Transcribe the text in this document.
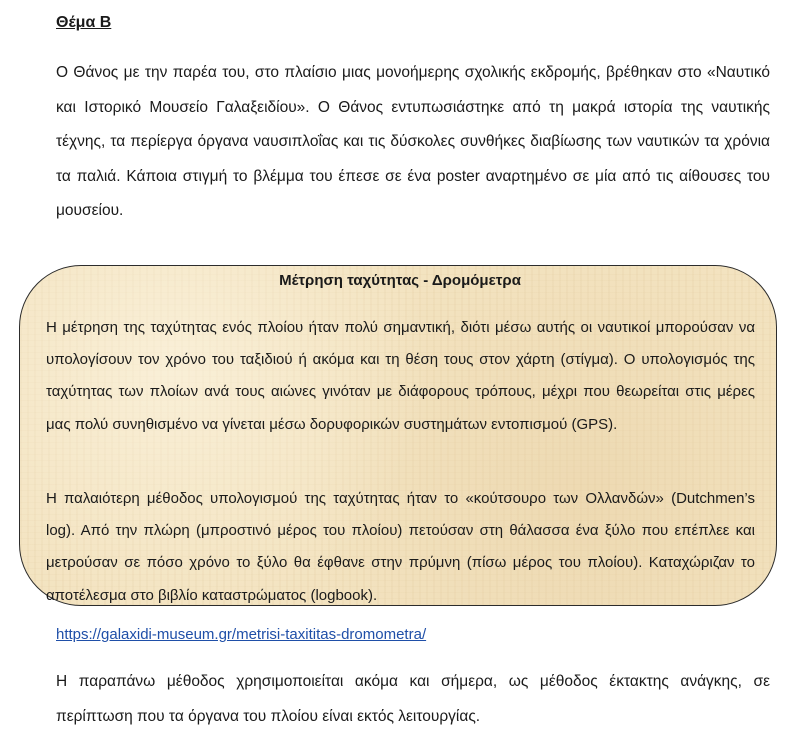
Θέμα Β

Ο Θάνος με την παρέα του, στο πλαίσιο μιας μονοήμερης σχολικής εκδρομής, βρέθηκαν στο «Ναυτικό και Ιστορικό Μουσείο Γαλαξειδίου». Ο Θάνος εντυπωσιάστηκε από τη μακρά ιστορία της ναυτικής τέχνης, τα περίεργα όργανα ναυσιπλοΐας και τις δύσκολες συνθήκες διαβίωσης των ναυτικών τα χρόνια τα παλιά. Κάποια στιγμή το βλέμμα του έπεσε σε ένα poster αναρτημένο σε μία από τις αίθουσες του μουσείου.

Μέτρηση ταχύτητας - Δρομόμετρα

Η μέτρηση της ταχύτητας ενός πλοίου ήταν πολύ σημαντική, διότι μέσω αυτής οι ναυτικοί μπορούσαν να υπολογίσουν τον χρόνο του ταξιδιού ή ακόμα και τη θέση τους στον χάρτη (στίγμα). Ο υπολογισμός της ταχύτητας των πλοίων ανά τους αιώνες γινόταν με διάφορους τρόπους, μέχρι που θεωρείται στις μέρες μας πολύ συνηθισμένο να γίνεται μέσω δορυφορικών συστημάτων εντοπισμού (GPS).

Η παλαιότερη μέθοδος υπολογισμού της ταχύτητας ήταν το «κούτσουρο των Ολλανδών» (Dutchmen’s log). Από την πλώρη (μπροστινό μέρος του πλοίου) πετούσαν στη θάλασσα ένα ξύλο που επέπλεε και μετρούσαν σε πόσο χρόνο το ξύλο θα έφθανε στην πρύμνη (πίσω μέρος του πλοίου). Καταχώριζαν το αποτέλεσμα στο βιβλίο καταστρώματος (logbook).

https://galaxidi-museum.gr/metrisi-taxititas-dromometra/

Η παραπάνω μέθοδος χρησιμοποιείται ακόμα και σήμερα, ως μέθοδος έκτακτης ανάγκης, σε περίπτωση που τα όργανα του πλοίου είναι εκτός λειτουργίας.
